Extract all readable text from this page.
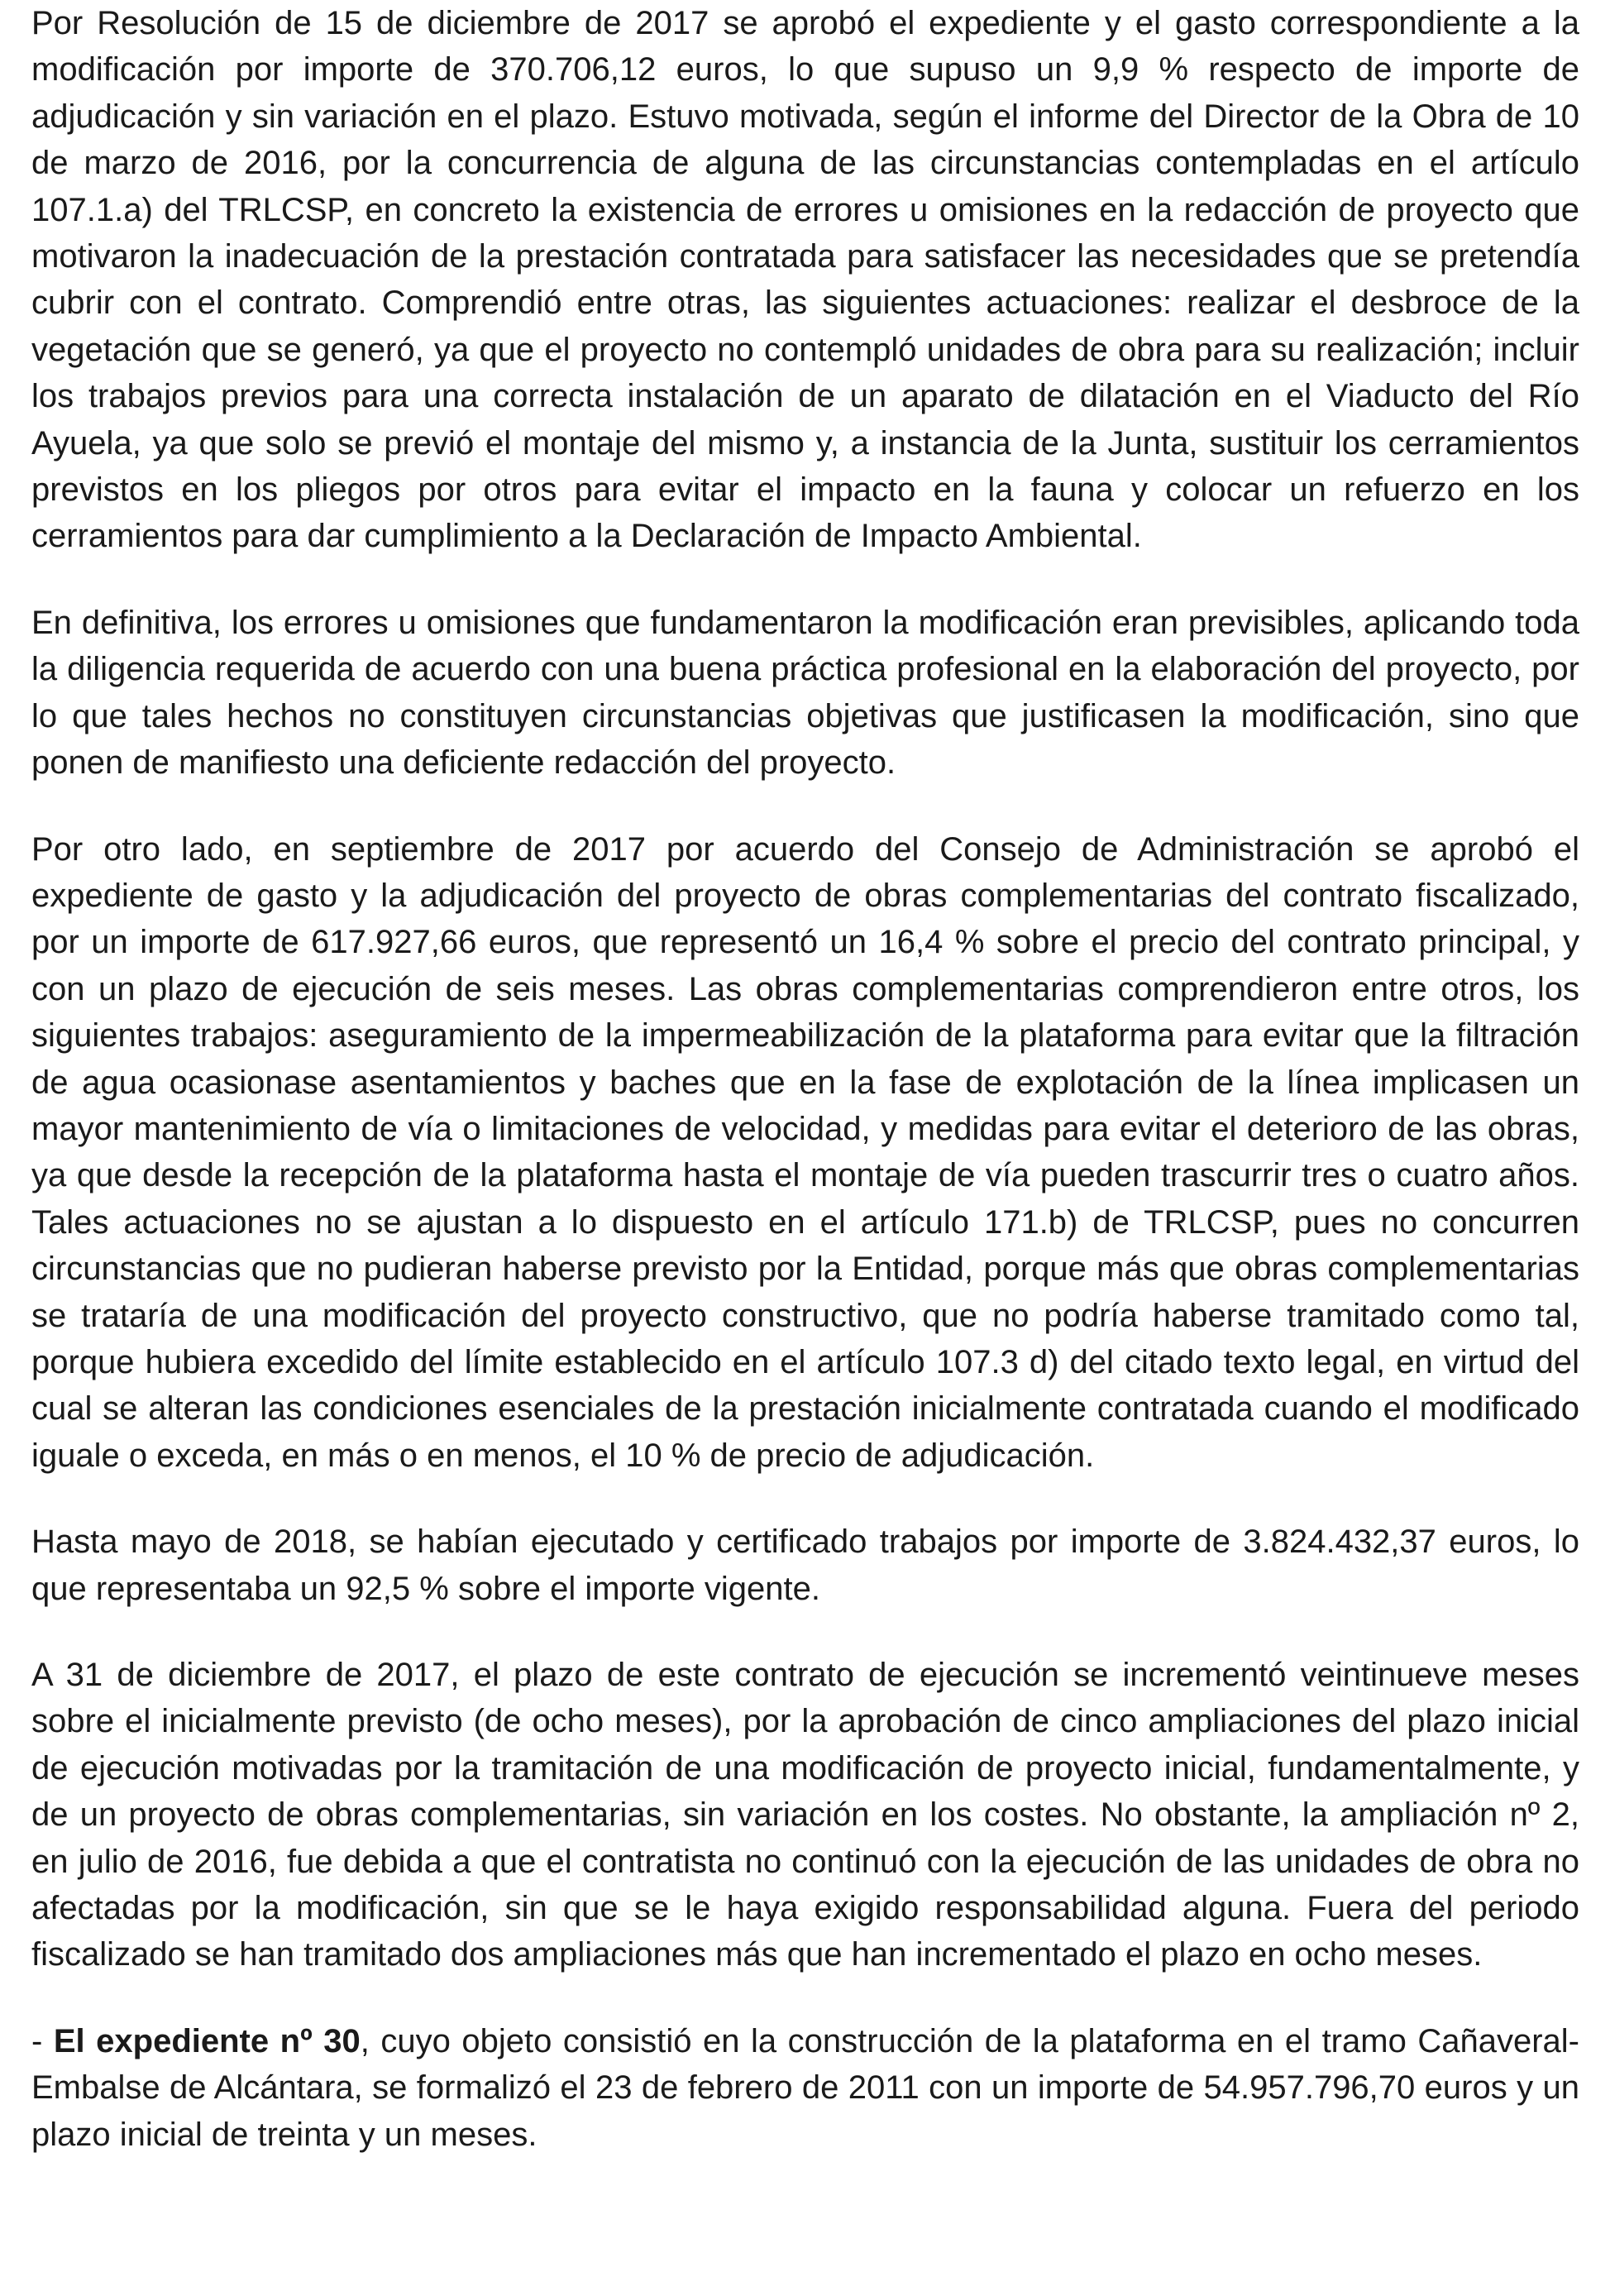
Por Resolución de 15 de diciembre de 2017 se aprobó el expediente y el gasto correspondiente a la modificación por importe de 370.706,12 euros, lo que supuso un 9,9 % respecto de importe de adjudicación y sin variación en el plazo. Estuvo motivada, según el informe del Director de la Obra de 10 de marzo de 2016, por la concurrencia de alguna de las circunstancias contempladas en el artículo 107.1.a) del TRLCSP, en concreto la existencia de errores u omisiones en la redacción de proyecto que motivaron la inadecuación de la prestación contratada para satisfacer las necesidades que se pretendía cubrir con el contrato. Comprendió entre otras, las siguientes actuaciones: realizar el desbroce de la vegetación que se generó, ya que el proyecto no contempló unidades de obra para su realización; incluir los trabajos previos para una correcta instalación de un aparato de dilatación en el Viaducto del Río Ayuela, ya que solo se previó el montaje del mismo y, a instancia de la Junta, sustituir los cerramientos previstos en los pliegos por otros para evitar el impacto en la fauna y colocar un refuerzo en los cerramientos para dar cumplimiento a la Declaración de Impacto Ambiental.

En definitiva, los errores u omisiones que fundamentaron la modificación eran previsibles, aplicando toda la diligencia requerida de acuerdo con una buena práctica profesional en la elaboración del proyecto, por lo que tales hechos no constituyen circunstancias objetivas que justificasen la modificación, sino que ponen de manifiesto una deficiente redacción del proyecto.

Por otro lado, en septiembre de 2017 por acuerdo del Consejo de Administración se aprobó el expediente de gasto y la adjudicación del proyecto de obras complementarias del contrato fiscalizado, por un importe de 617.927,66 euros, que representó un 16,4 % sobre el precio del contrato principal, y con un plazo de ejecución de seis meses. Las obras complementarias comprendieron entre otros, los siguientes trabajos: aseguramiento de la impermeabilización de la plataforma para evitar que la filtración de agua ocasionase asentamientos y baches que en la fase de explotación de la línea implicasen un mayor mantenimiento de vía o limitaciones de velocidad, y medidas para evitar el deterioro de las obras, ya que desde la recepción de la plataforma hasta el montaje de vía pueden trascurrir tres o cuatro años. Tales actuaciones no se ajustan a lo dispuesto en el artículo 171.b) de TRLCSP, pues no concurren circunstancias que no pudieran haberse previsto por la Entidad, porque más que obras complementarias se trataría de una modificación del proyecto constructivo, que no podría haberse tramitado como tal, porque hubiera excedido del límite establecido en el artículo 107.3 d) del citado texto legal, en virtud del cual se alteran las condiciones esenciales de la prestación inicialmente contratada cuando el modificado iguale o exceda, en más o en menos, el 10 % de precio de adjudicación.

Hasta mayo de 2018, se habían ejecutado y certificado trabajos por importe de 3.824.432,37 euros, lo que representaba un 92,5 % sobre el importe vigente.

A 31 de diciembre de 2017, el plazo de este contrato de ejecución se incrementó veintinueve meses sobre el inicialmente previsto (de ocho meses), por la aprobación de cinco ampliaciones del plazo inicial de ejecución motivadas por la tramitación de una modificación de proyecto inicial, fundamentalmente, y de un proyecto de obras complementarias, sin variación en los costes. No obstante, la ampliación nº 2, en julio de 2016, fue debida a que el contratista no continuó con la ejecución de las unidades de obra no afectadas por la modificación, sin que se le haya exigido responsabilidad alguna. Fuera del periodo fiscalizado se han tramitado dos ampliaciones más que han incrementado el plazo en ocho meses.

- El expediente nº 30, cuyo objeto consistió en la construcción de la plataforma en el tramo Cañaveral-Embalse de Alcántara, se formalizó el 23 de febrero de 2011 con un importe de 54.957.796,70 euros y un plazo inicial de treinta y un meses.
